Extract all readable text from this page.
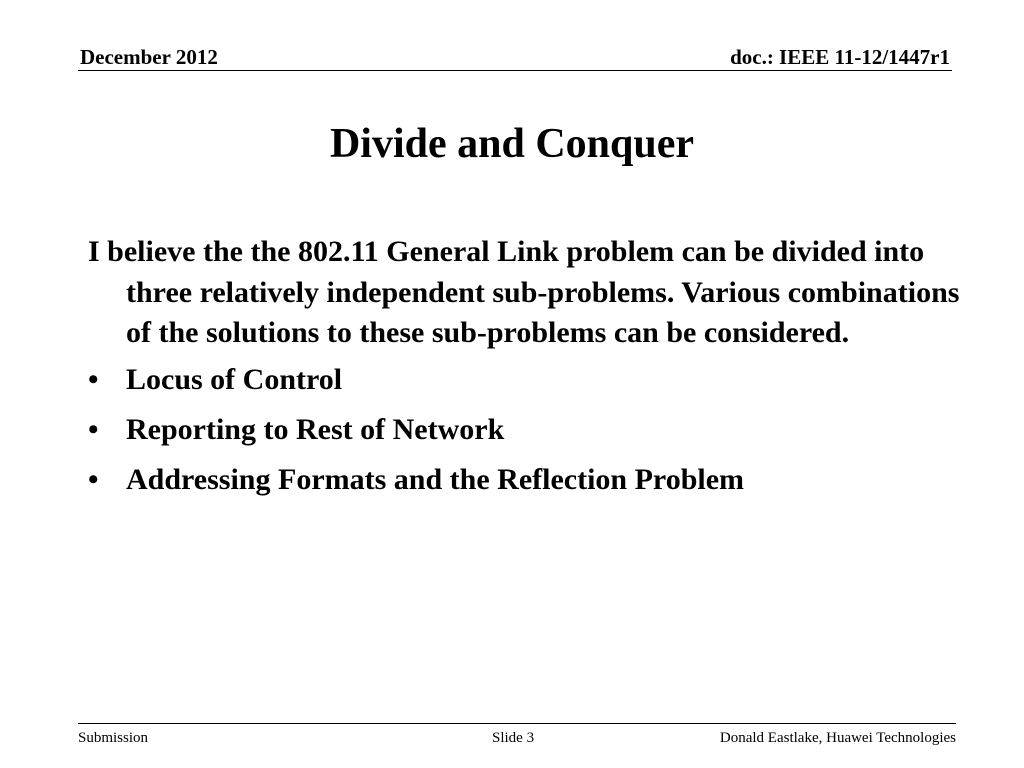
December 2012	doc.: IEEE 11-12/1447r1
Divide and Conquer

I believe the the 802.11 General Link problem can be divided into three relatively independent sub-problems. Various combinations of the solutions to these sub-problems can be considered.

• Locus of Control
• Reporting to Rest of Network
• Addressing Formats and the Reflection Problem
Submission	Slide 3	Donald Eastlake, Huawei Technologies
